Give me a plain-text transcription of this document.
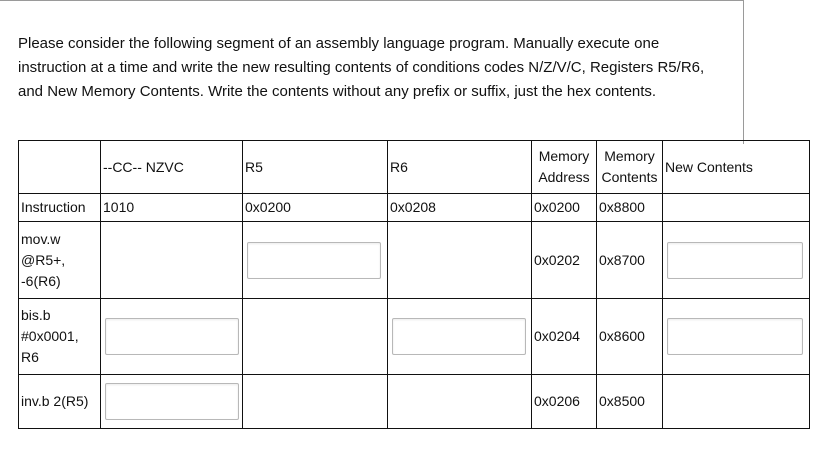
Please consider the following segment of an assembly language program. Manually execute one instruction at a time and write the new resulting contents of conditions codes N/Z/V/C, Registers R5/R6, and New Memory Contents. Write the contents without any prefix or suffix, just the hex contents.

	--CC-- NZVC	R5	R6	Memory Address	Memory Contents	New Contents
Instruction	1010	0x0200	0x0208	0x0200	0x8800	
mov.w @R5+, -6(R6)				0x0202	0x8700	

bis.b #0x0001, R6				0x0204	0x8600	

inv.b 2(R5)				0x0206	0x8500	
